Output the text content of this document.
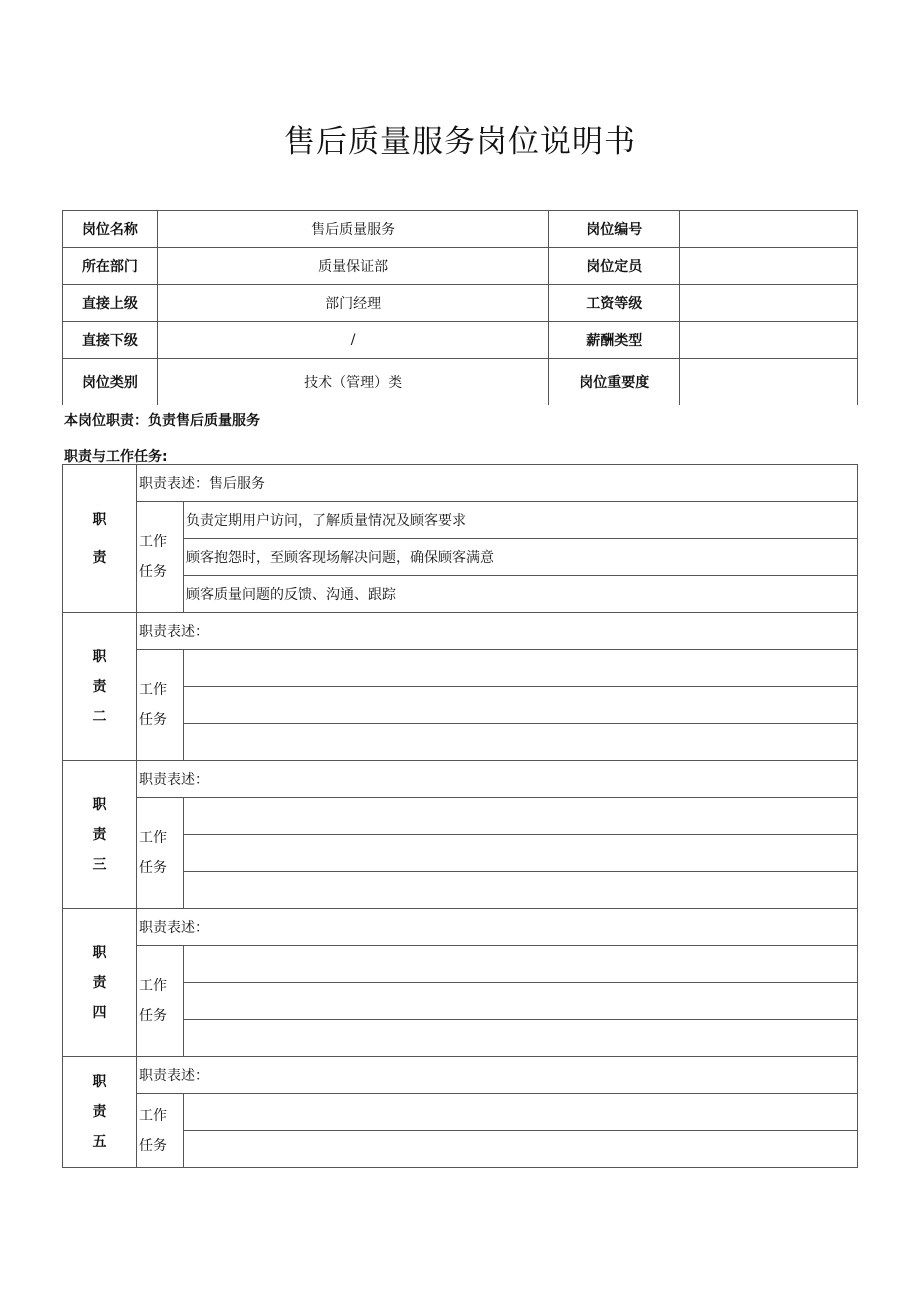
售后质量服务岗位说明书
岗位名称	售后质量服务	岗位编号	
所在部门	质量保证部	岗位定员	
直接上级	部门经理	工资等级	
直接下级	/	薪酬类型	
岗位类别	技术（管理）类	岗位重要度	
本岗位职责：负责售后质量服务
职责与工作任务:
职
责	职责表述：售后服务	
	工作
任务	负责定期用户访问，了解质量情况及顾客要求
		顾客抱怨时，至顾客现场解决问题，确保顾客满意
		顾客质量问题的反馈、沟通、跟踪

职
责
二	职责表述：	
	工作
任务	

职
责
三	职责表述：	
	工作
任务	

职
责
四	职责表述：	
	工作
任务	

职
责
五	职责表述：	
	工作
任务	
